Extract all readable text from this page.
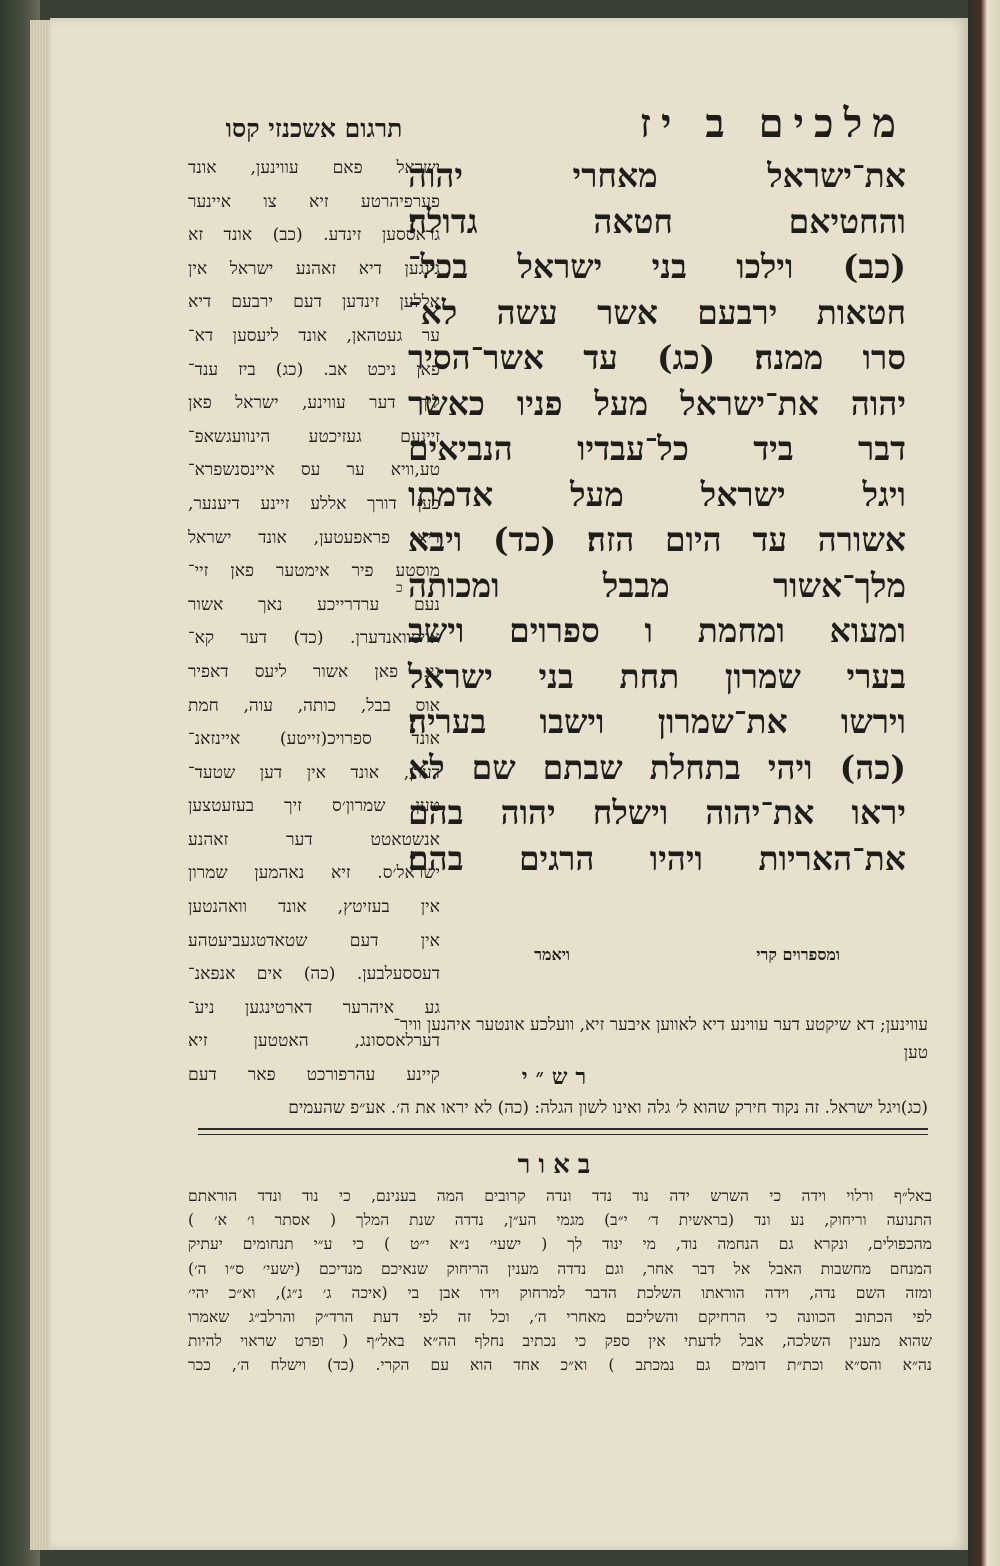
מלכים ב יז
את־ישראל מאחרי יהוה
והחטיאם חטאה גדולה׃
(כב) וילכו בני ישראל בכל־
חטאות ירבעם אשר עשה לא־
סרו ממנה׃ (כג) עד אשר־הסיר
יהוה את־ישראל מעל פניו כאשר
דבר ביד כל־עבדיו הנביאים
ויגל ישראל מעל אדמתו
אשורה עד היום הזה׃ (כד) ויבא
מלך־אשור מבבל ומכותה
ומעוא ומחמת ו ספרוים וישב
בערי שמרון תחת בני ישראל
וירשו את־שמרון וישבו בעריה׃
(כה) ויהי בתחלת שבתם שם לא
יראו את־יהוה וישלח יהוה בהם
את־האריות ויהיו הרגים בהם׃
כ
ומספרוים קרי
ויאמר
תרגום אשכנזי קסו
ישראל פאם עווינען, אונד
פערפיהרטע זיא צו איינער
גראססען זינדע. (כב) אונד זא
גינגען דיא זאהנע ישראל אין
אללען זינדען דעם ירבעם דיא
ער געטהאן, אונד ליעסען דא־
פאן ניכט אב. (כג) ביז ענד־
ליך דער עווינע, ישראל פאן
זיינעם געזיכטע הינוועגשאפ־
טע,וויא ער עס איינסנשפרא־
כען דורך אללע זיינע דיענער,
דיא פראפעטען, אונד ישראל
מוסטע פיר אימטער פאן זיי־
נעם ערדרייכע נאך אשור
אויסוואנדערן. (כד) דער קא־
ניג פאן אשור ליעס דאפיר
אוס בבל, כותה, עוה, חמת
אונד ספרויכ(זייטע) איינזאנ־
דערן, אונד אין דען שטעד־
טען שמרון׳ס זיך בעזעטצען
אנשטאטט דער זאהנע
ישראל׳ס. זיא נאהמען שמרון
אין בעזיטץ, אונד וואהנטען
אין דעם שטאדטגעביעטהע
דעססעלבען. (כה) אים אנפאנ־
גע איהרער דארטינגען ניע־
דערלאססונג, האטטען זיא
קיינע עהרפורכט פאר דעם
עווינען; דא שיקטע דער עווינע דיא לאווען איבער זיא, וועלכע אונטער איהנען וויר־
טען
רש״י
(כג)ויגל ישראל. זה נקוד חירק שהוא ל׳ גלה ואינו לשון הגלה: (כה) לא יראו את ה׳. אע״פ שהעמים
באור
באל״ף ורלוי וידה כי השרש ידה נוד נדד ונדה קרובים המה בענינם, כי נוד ונדד הוראתם
התנועה וריחוק, נע ונד (בראשית ד׳ י״ב) מגמי הע״ן, נדדה שנת המלך ( אסתר ו׳ א׳ )
מהכפולים, ונקרא גם הנחמה נוד, מי ינוד לך ( ישעי׳ נ״א י״ט ) כי ע״י תנחומים יעתיק
המנחם מחשבות האבל אל דבר אחר, וגם נדדה מענין הריחוק שנאיכם מנדיכם (ישעי׳ ס״ו ה׳)
ומזה השם נדה, וידה הוראתו השלכת הדבר למרחוק וידו אבן בי (איכה ג׳ נ״ג), וא״כ יהי׳
לפי הכתוב הכוונה כי הרחיקם והשליכם מאחרי ה׳, וכל זה לפי דעת הרד״ק והרלב״ג שאמרו
שהוא מענין השלכה, אבל לדעתי אין ספק כי נכתיב נחלף הה״א באל״ף ( ופרט שראוי להיות
נה״א והס״א וכת״ת דומים גם נמכתב ) וא״כ אחד הוא עם הקרי. (כד) וישלח ה׳, ככר
